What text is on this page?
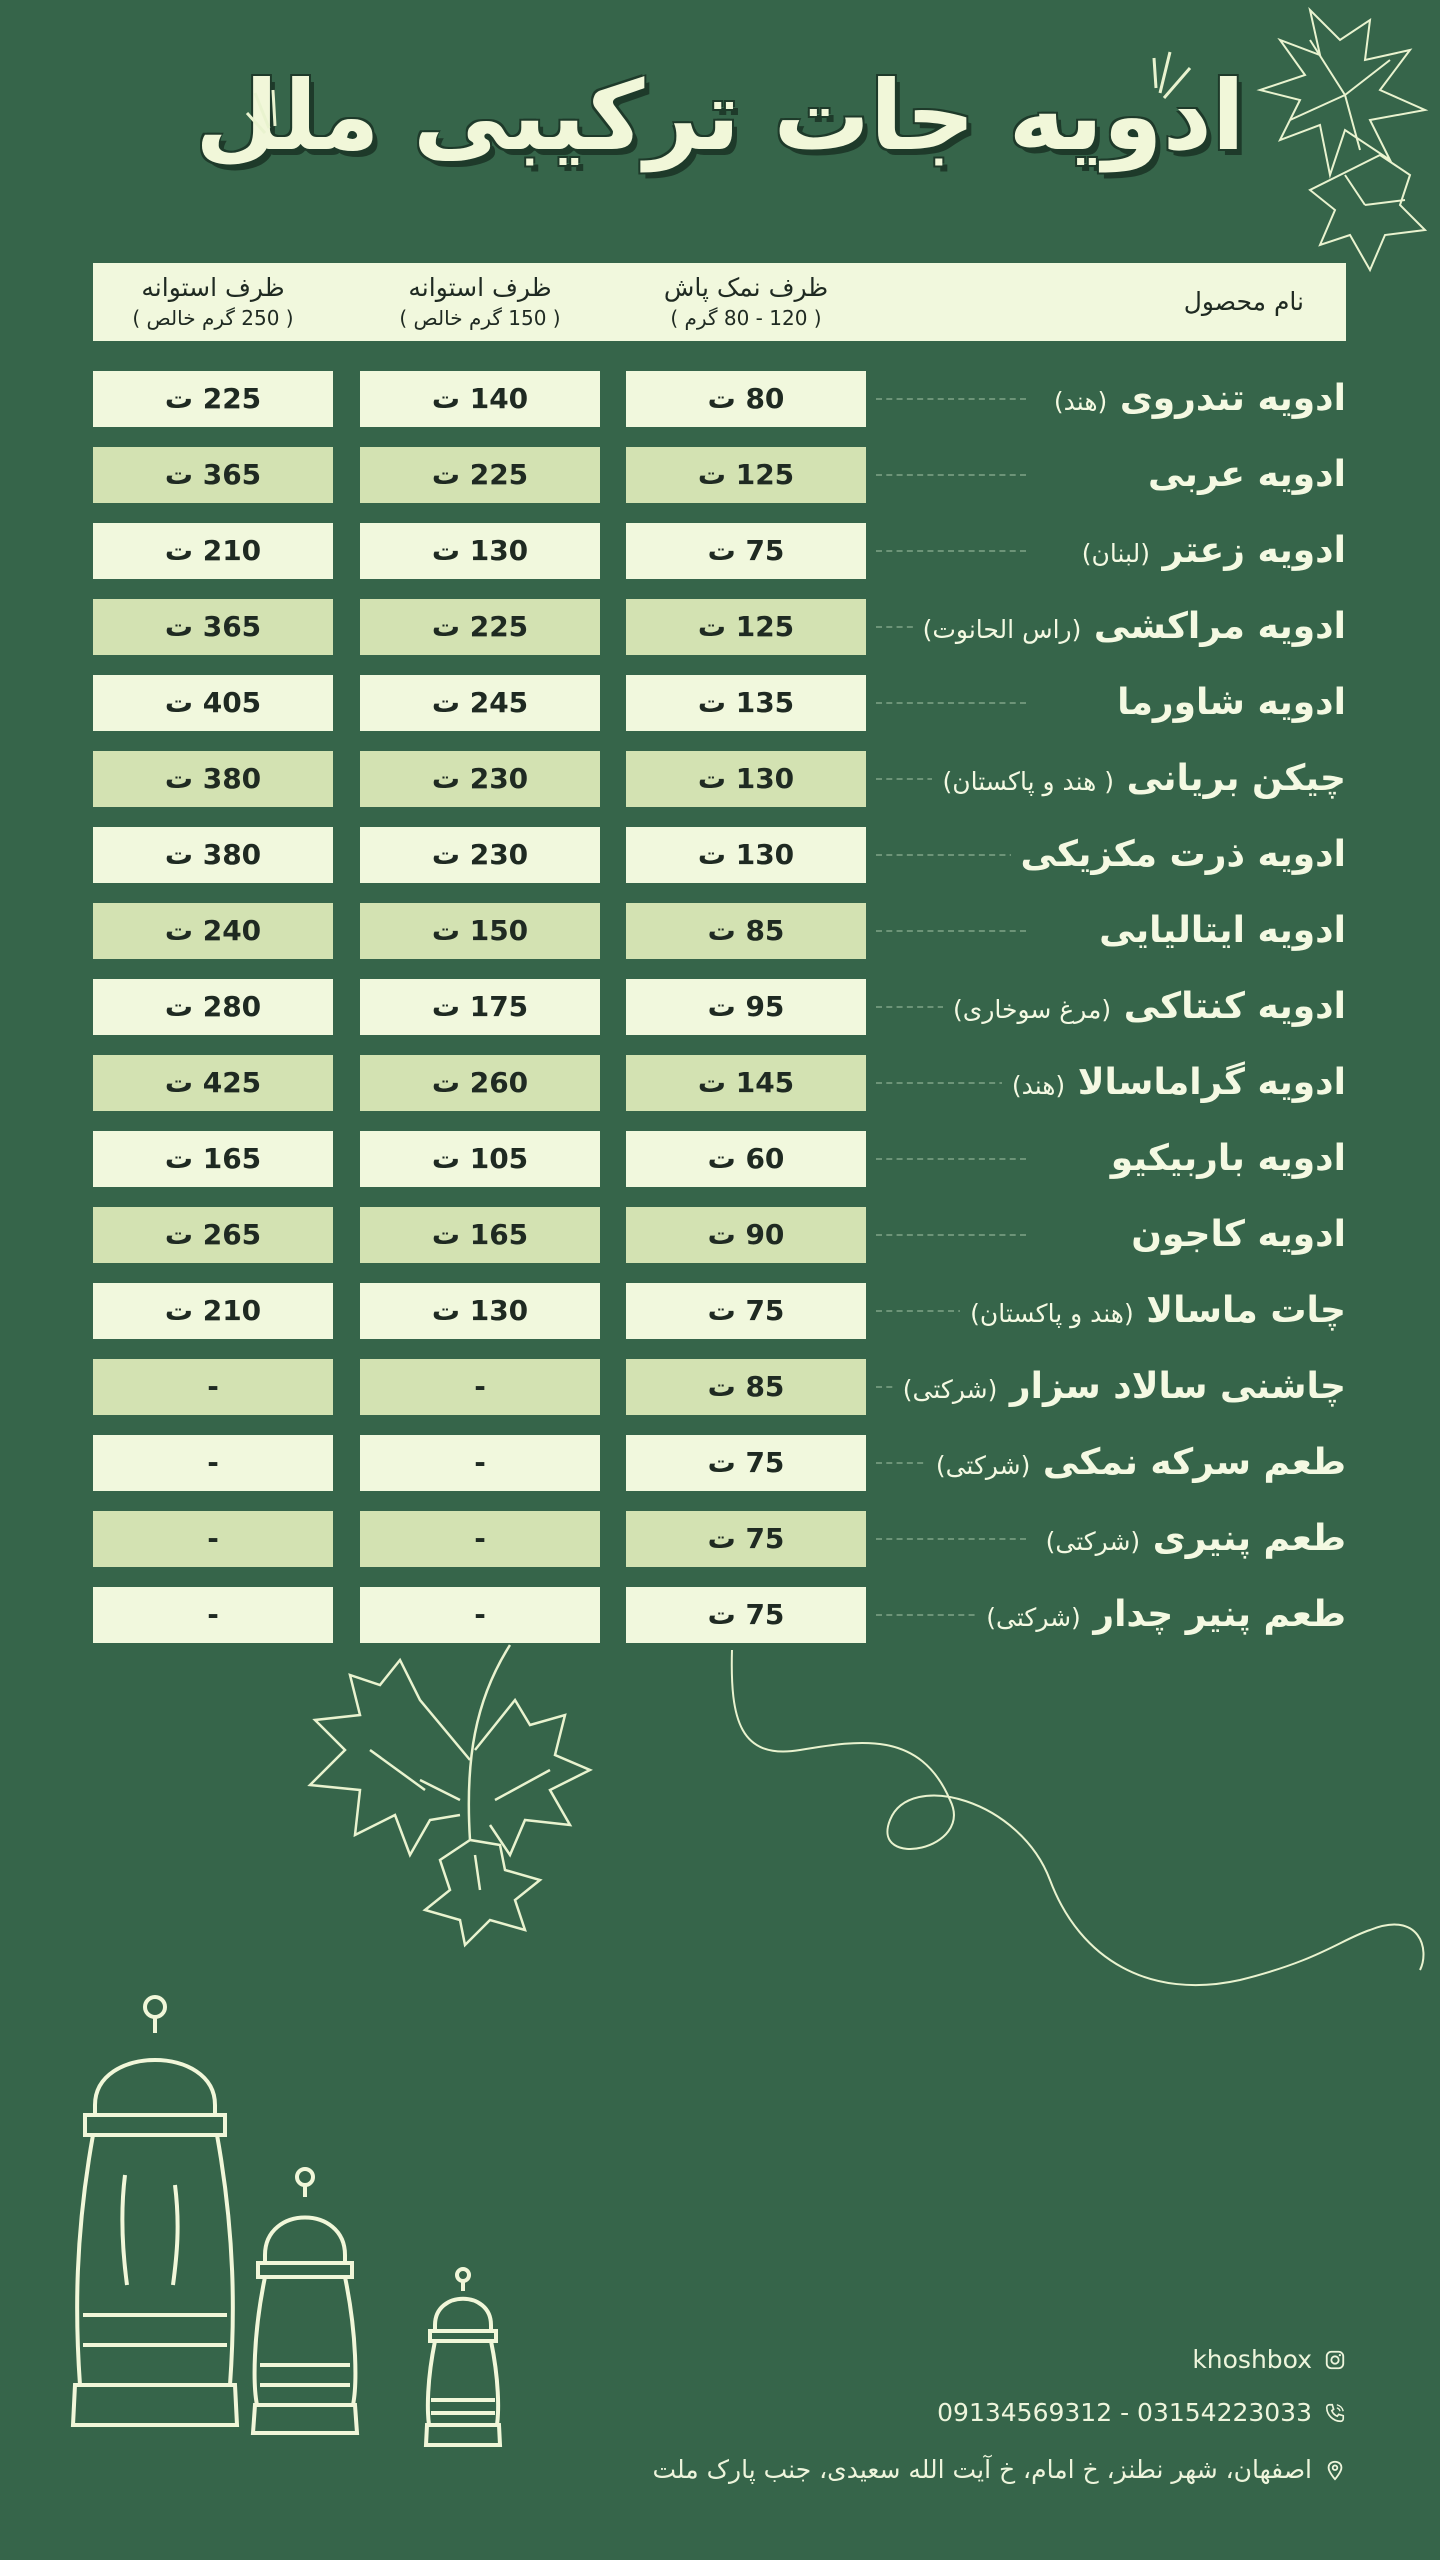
ادویه جات ترکیبی ملل
نام محصول
ظرف نمک پاش
( 120 - 80 گرم )
ظرف استوانه
( 150 گرم خالص )
ظرف استوانه
( 250 گرم خالص )
ادویه تندروی (هند)
80 ت
140 ت
225 ت
ادویه عربی
125 ت
225 ت
365 ت
ادویه زعتر (لبنان)
75 ت
130 ت
210 ت
ادویه مراکشی (راس الحانوت)
125 ت
225 ت
365 ت
ادویه شاورما
135 ت
245 ت
405 ت
چیکن بریانی ( هند و پاکستان)
130 ت
230 ت
380 ت
ادویه ذرت مکزیکی
130 ت
230 ت
380 ت
ادویه ایتالیایی
85 ت
150 ت
240 ت
ادویه کنتاکی (مرغ سوخاری)
95 ت
175 ت
280 ت
ادویه گراماسالا (هند)
145 ت
260 ت
425 ت
ادویه باربیکیو
60 ت
105 ت
165 ت
ادویه کاجون
90 ت
165 ت
265 ت
چات ماسالا (هند و پاکستان)
75 ت
130 ت
210 ت
چاشنی سالاد سزار (شرکتی)
85 ت
-
-
طعم سرکه نمکی (شرکتی)
75 ت
-
-
طعم پنیری (شرکتی)
75 ت
-
-
طعم پنیر چدار (شرکتی)
75 ت
-
-
khoshbox
09134569312 - 03154223033
اصفهان، شهر نطنز، خ امام، خ آیت الله سعیدی، جنب پارک ملت
